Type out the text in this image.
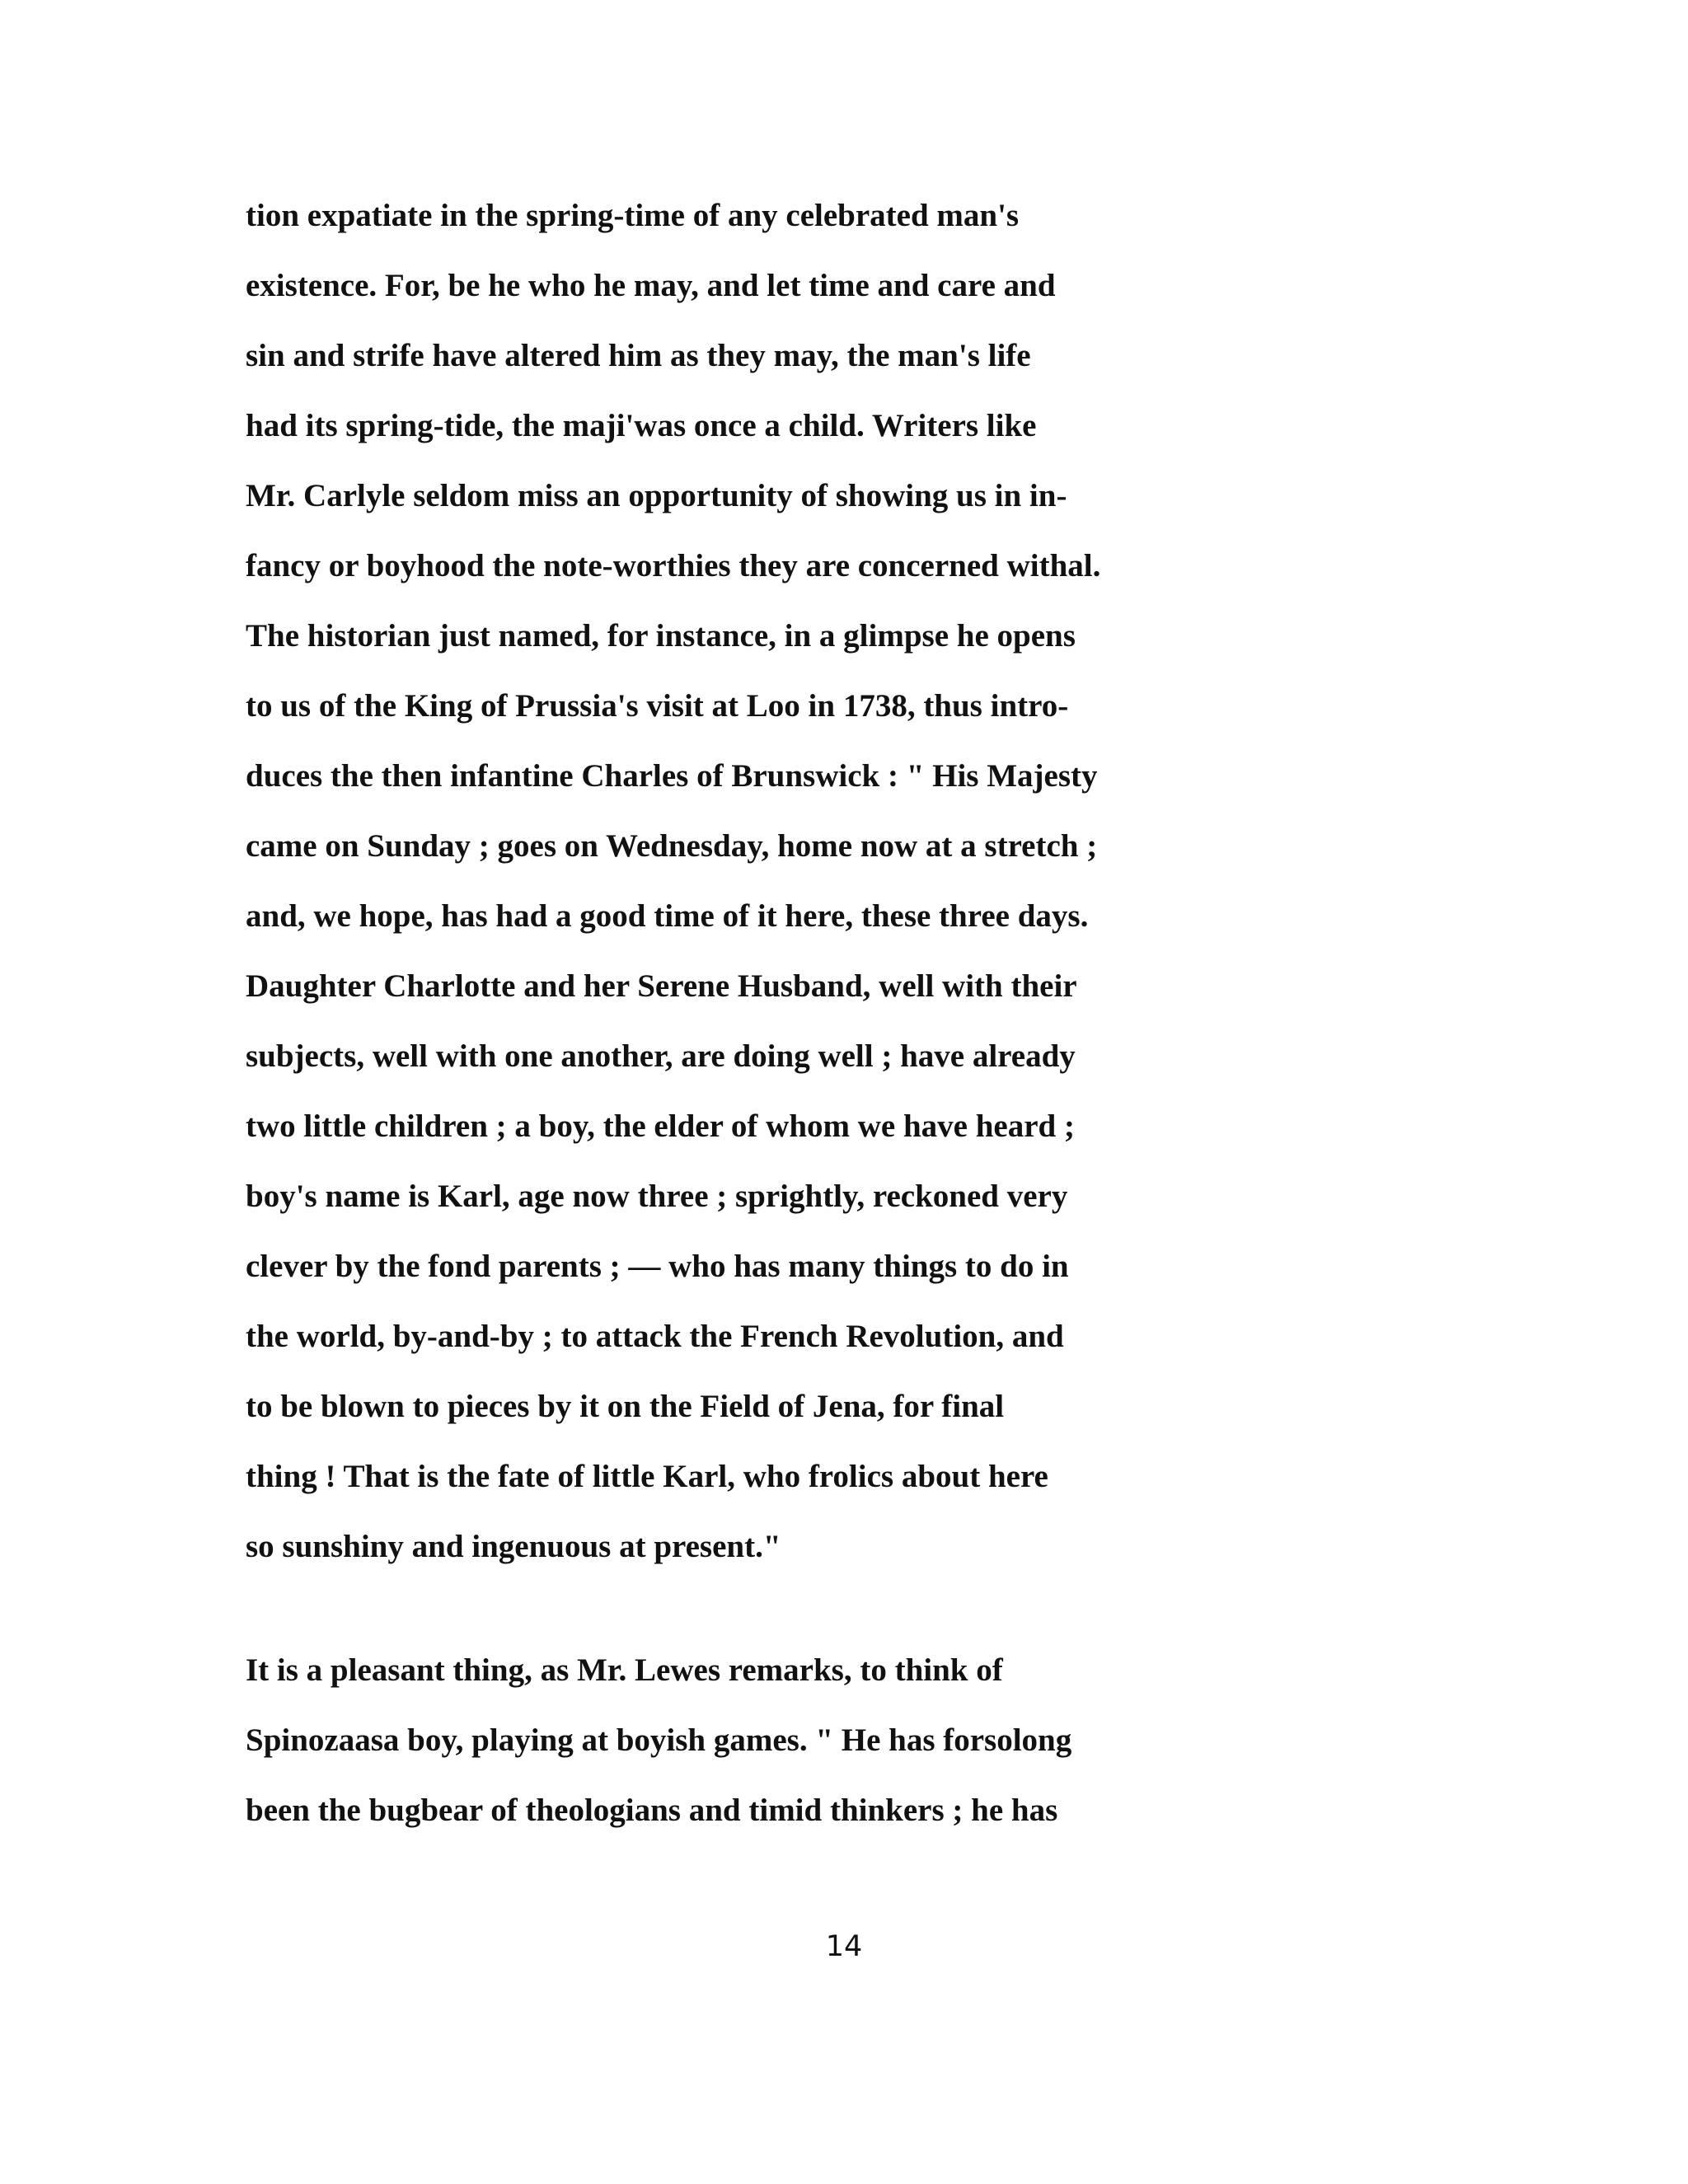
tion expatiate in the spring-time of any celebrated man's
existence. For, be he who he may, and let time and care and
sin and strife have altered him as they may, the man's life
had its spring-tide, the maji'was once a child. Writers like
Mr. Carlyle seldom miss an opportunity of showing us in in-
fancy or boyhood the note-worthies they are concerned withal.
The historian just named, for instance, in a glimpse he opens
to us of the King of Prussia's visit at Loo in 1738, thus intro-
duces the then infantine Charles of Brunswick : " His Majesty
came on Sunday ; goes on Wednesday, home now at a stretch ;
and, we hope, has had a good time of it here, these three days.
Daughter Charlotte and her Serene Husband, well with their
subjects, well with one another, are doing well ; have already
two little children ; a boy, the elder of whom we have heard ;
boy's name is Karl, age now three ; sprightly, reckoned very
clever by the fond parents ; — who has many things to do in
the world, by-and-by ; to attack the French Revolution, and
to be blown to pieces by it on the Field of Jena, for final
thing ! That is the fate of little Karl, who frolics about here
so sunshiny and ingenuous at present."
It is a pleasant thing, as Mr. Lewes remarks, to think of
Spinozaasa boy, playing at boyish games. " He has forsolong
been the bugbear of theologians and timid thinkers ; he has
14
